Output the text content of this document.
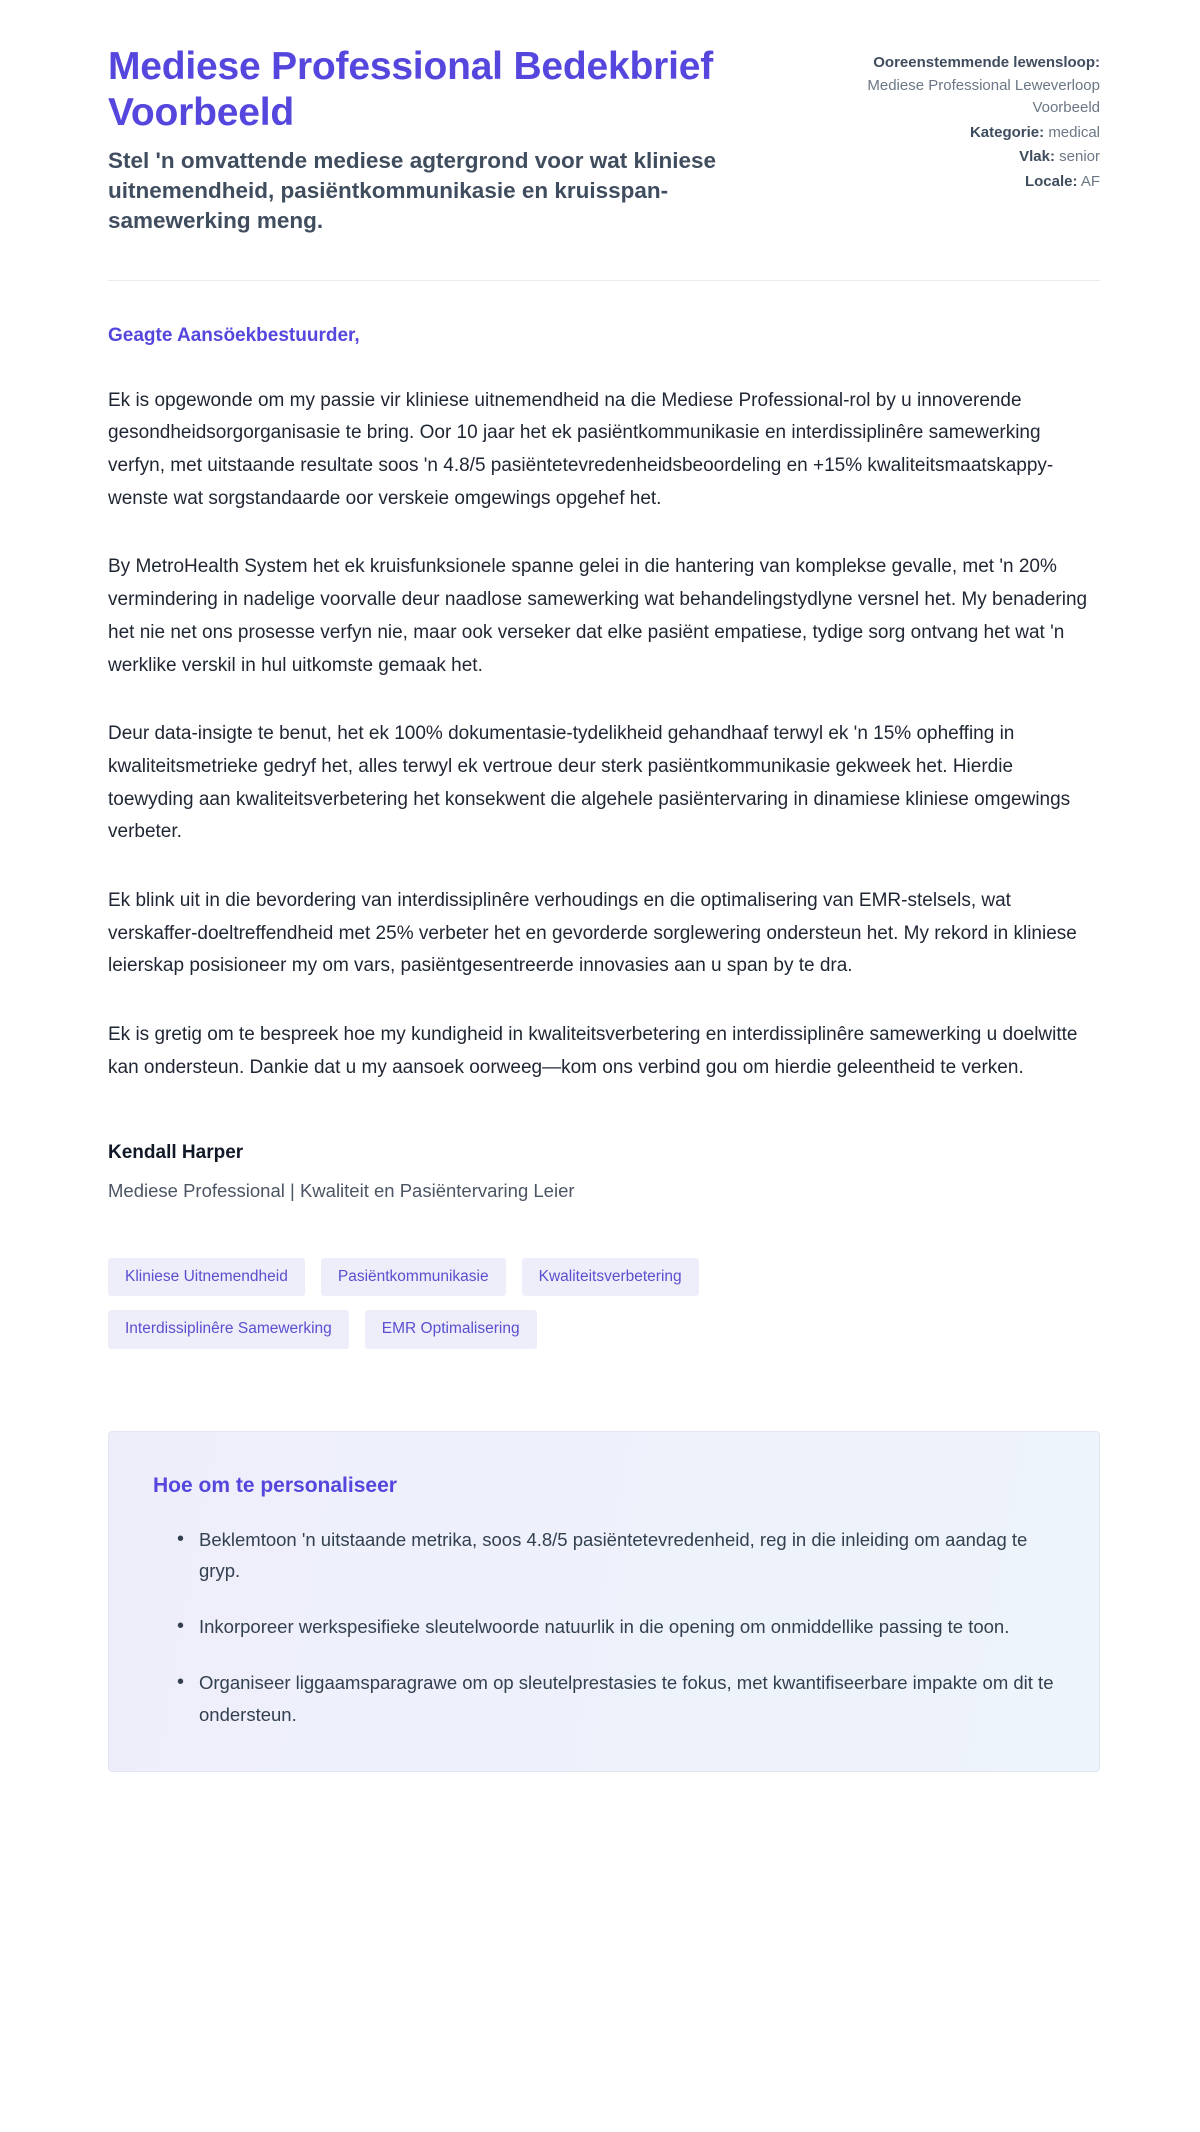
Mediese Professional Bedekbrief Voorbeeld

Stel 'n omvattende mediese agtergrond voor wat kliniese uitnemendheid, pasiëntkommunikasie en kruisspan-samewerking meng.

Ooreenstemmende lewensloop: Mediese Professional Leweverloop Voorbeeld
Kategorie: medical
Vlak: senior
Locale: AF

Geagte Aansöekbestuurder,

Ek is opgewonde om my passie vir kliniese uitnemendheid na die Mediese Professional-rol by u innoverende gesondheidsorgorganisasie te bring. Oor 10 jaar het ek pasiëntkommunikasie en interdissiplinêre samewerking verfyn, met uitstaande resultate soos 'n 4.8/5 pasiëntetevredenheidsbeoordeling en +15% kwaliteitsmaatskappy-wenste wat sorgstandaarde oor verskeie omgewings opgehef het.

By MetroHealth System het ek kruisfunksionele spanne gelei in die hantering van komplekse gevalle, met 'n 20% vermindering in nadelige voorvalle deur naadlose samewerking wat behandelingstydlyne versnel het. My benadering het nie net ons prosesse verfyn nie, maar ook verseker dat elke pasiënt empatiese, tydige sorg ontvang het wat 'n werklike verskil in hul uitkomste gemaak het.

Deur data-insigte te benut, het ek 100% dokumentasie-tydelikheid gehandhaaf terwyl ek 'n 15% opheffing in kwaliteitsmetrieke gedryf het, alles terwyl ek vertroue deur sterk pasiëntkommunikasie gekweek het. Hierdie toewyding aan kwaliteitsverbetering het konsekwent die algehele pasiëntervaring in dinamiese kliniese omgewings verbeter.

Ek blink uit in die bevordering van interdissiplinêre verhoudings en die optimalisering van EMR-stelsels, wat verskaffer-doeltreffendheid met 25% verbeter het en gevorderde sorglewering ondersteun het. My rekord in kliniese leierskap posisioneer my om vars, pasiëntgesentreerde innovasies aan u span by te dra.

Ek is gretig om te bespreek hoe my kundigheid in kwaliteitsverbetering en interdissiplinêre samewerking u doelwitte kan ondersteun. Dankie dat u my aansoek oorweeg—kom ons verbind gou om hierdie geleentheid te verken.

Kendall Harper

Mediese Professional | Kwaliteit en Pasiëntervaring Leier

Kliniese Uitnemendheid	Pasiëntkommunikasie	Kwaliteitsverbetering
Interdissiplinêre Samewerking	EMR Optimalisering
Hoe om te personaliseer
• Beklemtoon 'n uitstaande metrika, soos 4.8/5 pasiëntetevredenheid, reg in die inleiding om aandag te gryp.
• Inkorporeer werkspesifieke sleutelwoorde natuurlik in die opening om onmiddellike passing te toon.
• Organiseer liggaamsparagrawe om op sleutelprestasies te fokus, met kwantifiseerbare impakte om dit te ondersteun.
